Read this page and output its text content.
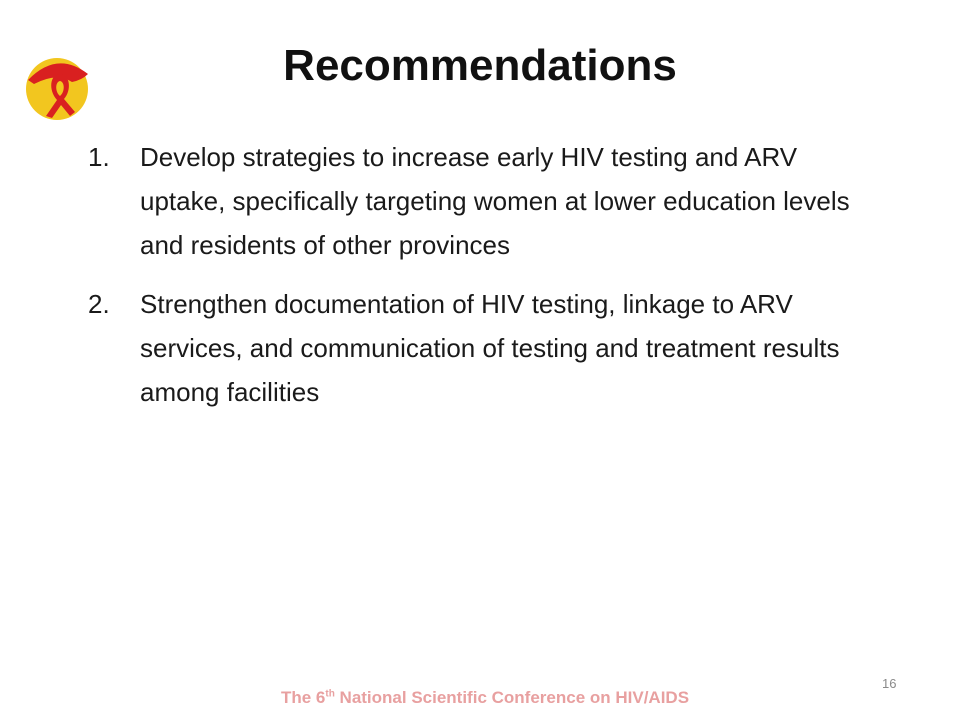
Recommendations
1. Develop strategies to increase early HIV testing and ARV uptake, specifically targeting women at lower education levels and residents of other provinces
2. Strengthen documentation of HIV testing, linkage to ARV services, and communication of testing and treatment results among facilities
16
The 6th National Scientific Conference on HIV/AIDS
